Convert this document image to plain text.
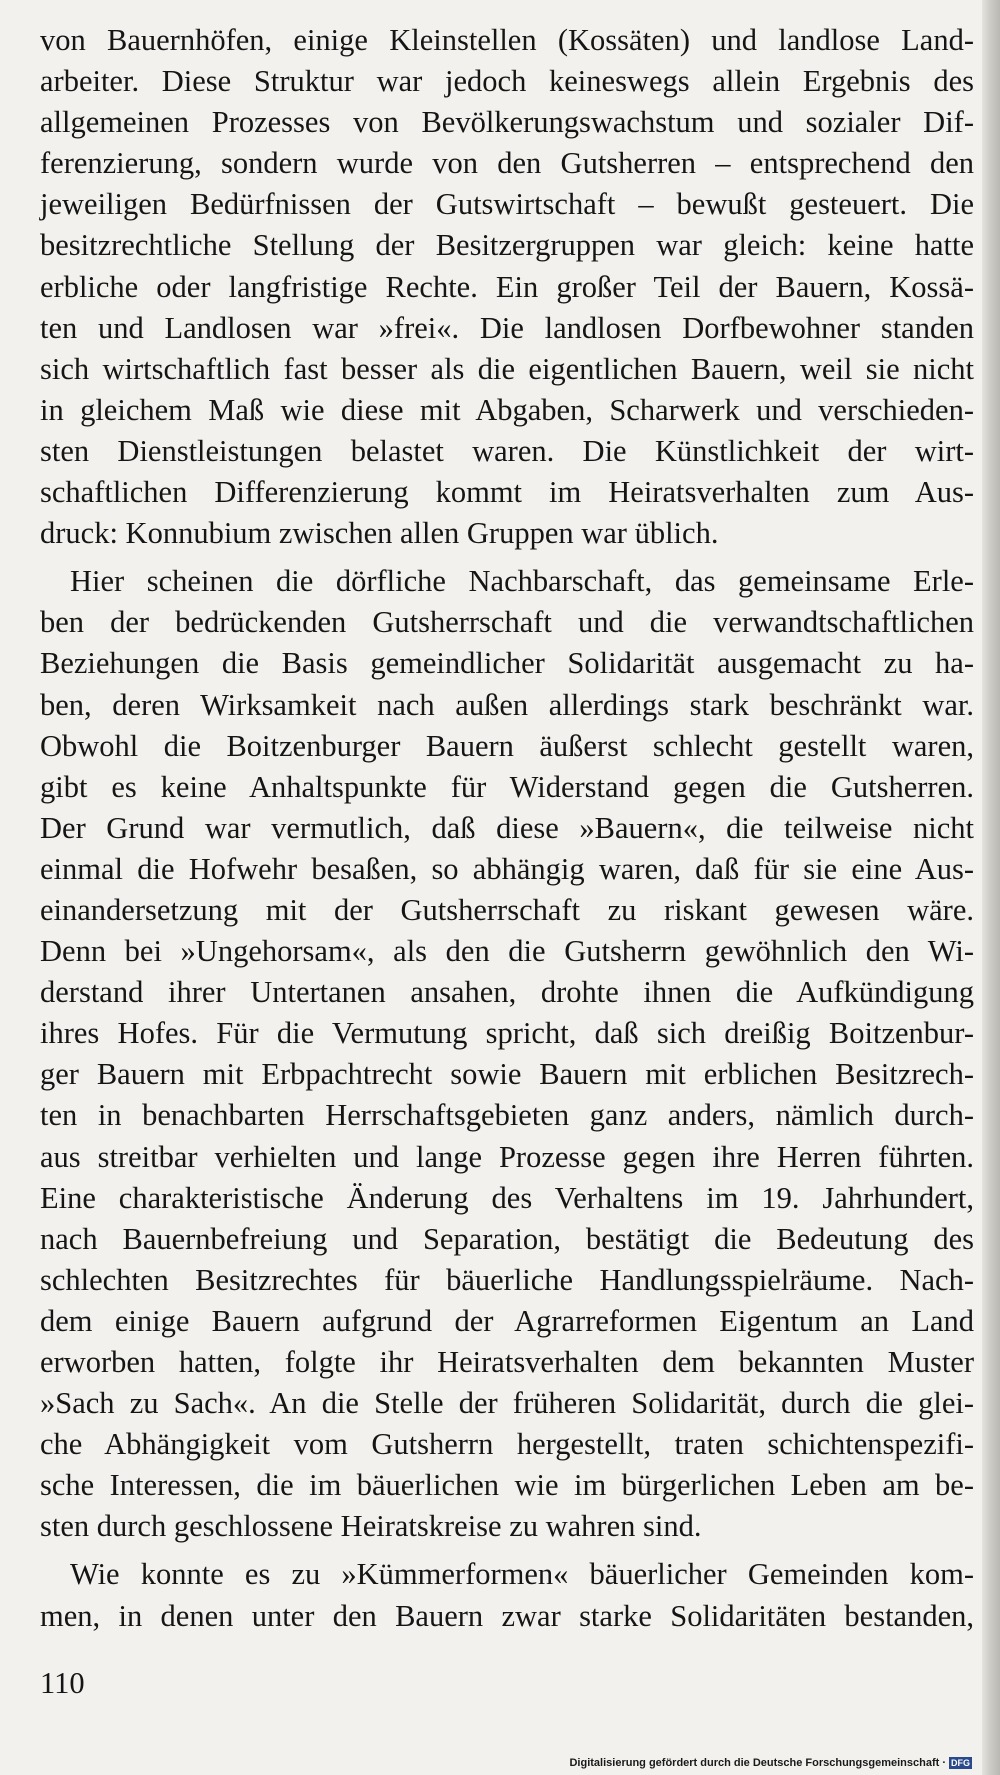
von Bauernhöfen, einige Kleinstellen (Kossäten) und landlose Land-
arbeiter. Diese Struktur war jedoch keineswegs allein Ergebnis des
allgemeinen Prozesses von Bevölkerungswachstum und sozialer Dif-
ferenzierung, sondern wurde von den Gutsherren – entsprechend den
jeweiligen Bedürfnissen der Gutswirtschaft – bewußt gesteuert. Die
besitzrechtliche Stellung der Besitzergruppen war gleich: keine hatte
erbliche oder langfristige Rechte. Ein großer Teil der Bauern, Kossä-
ten und Landlosen war »frei«. Die landlosen Dorfbewohner standen
sich wirtschaftlich fast besser als die eigentlichen Bauern, weil sie nicht
in gleichem Maß wie diese mit Abgaben, Scharwerk und verschieden-
sten Dienstleistungen belastet waren. Die Künstlichkeit der wirt-
schaftlichen Differenzierung kommt im Heiratsverhalten zum Aus-
druck: Konnubium zwischen allen Gruppen war üblich.
Hier scheinen die dörfliche Nachbarschaft, das gemeinsame Erle-
ben der bedrückenden Gutsherrschaft und die verwandtschaftlichen
Beziehungen die Basis gemeindlicher Solidarität ausgemacht zu ha-
ben, deren Wirksamkeit nach außen allerdings stark beschränkt war.
Obwohl die Boitzenburger Bauern äußerst schlecht gestellt waren,
gibt es keine Anhaltspunkte für Widerstand gegen die Gutsherren.
Der Grund war vermutlich, daß diese »Bauern«, die teilweise nicht
einmal die Hofwehr besaßen, so abhängig waren, daß für sie eine Aus-
einandersetzung mit der Gutsherrschaft zu riskant gewesen wäre.
Denn bei »Ungehorsam«, als den die Gutsherrn gewöhnlich den Wi-
derstand ihrer Untertanen ansahen, drohte ihnen die Aufkündigung
ihres Hofes. Für die Vermutung spricht, daß sich dreißig Boitzenbur-
ger Bauern mit Erbpachtrecht sowie Bauern mit erblichen Besitzrech-
ten in benachbarten Herrschaftsgebieten ganz anders, nämlich durch-
aus streitbar verhielten und lange Prozesse gegen ihre Herren führten.
Eine charakteristische Änderung des Verhaltens im 19. Jahrhundert,
nach Bauernbefreiung und Separation, bestätigt die Bedeutung des
schlechten Besitzrechtes für bäuerliche Handlungsspielräume. Nach-
dem einige Bauern aufgrund der Agrarreformen Eigentum an Land
erworben hatten, folgte ihr Heiratsverhalten dem bekannten Muster
»Sach zu Sach«. An die Stelle der früheren Solidarität, durch die glei-
che Abhängigkeit vom Gutsherrn hergestellt, traten schichtenspezifi-
sche Interessen, die im bäuerlichen wie im bürgerlichen Leben am be-
sten durch geschlossene Heiratskreise zu wahren sind.
Wie konnte es zu »Kümmerformen« bäuerlicher Gemeinden kom-
men, in denen unter den Bauern zwar starke Solidaritäten bestanden,
110
Digitalisierung gefördert durch die Deutsche Forschungsgemeinschaft · DFG
